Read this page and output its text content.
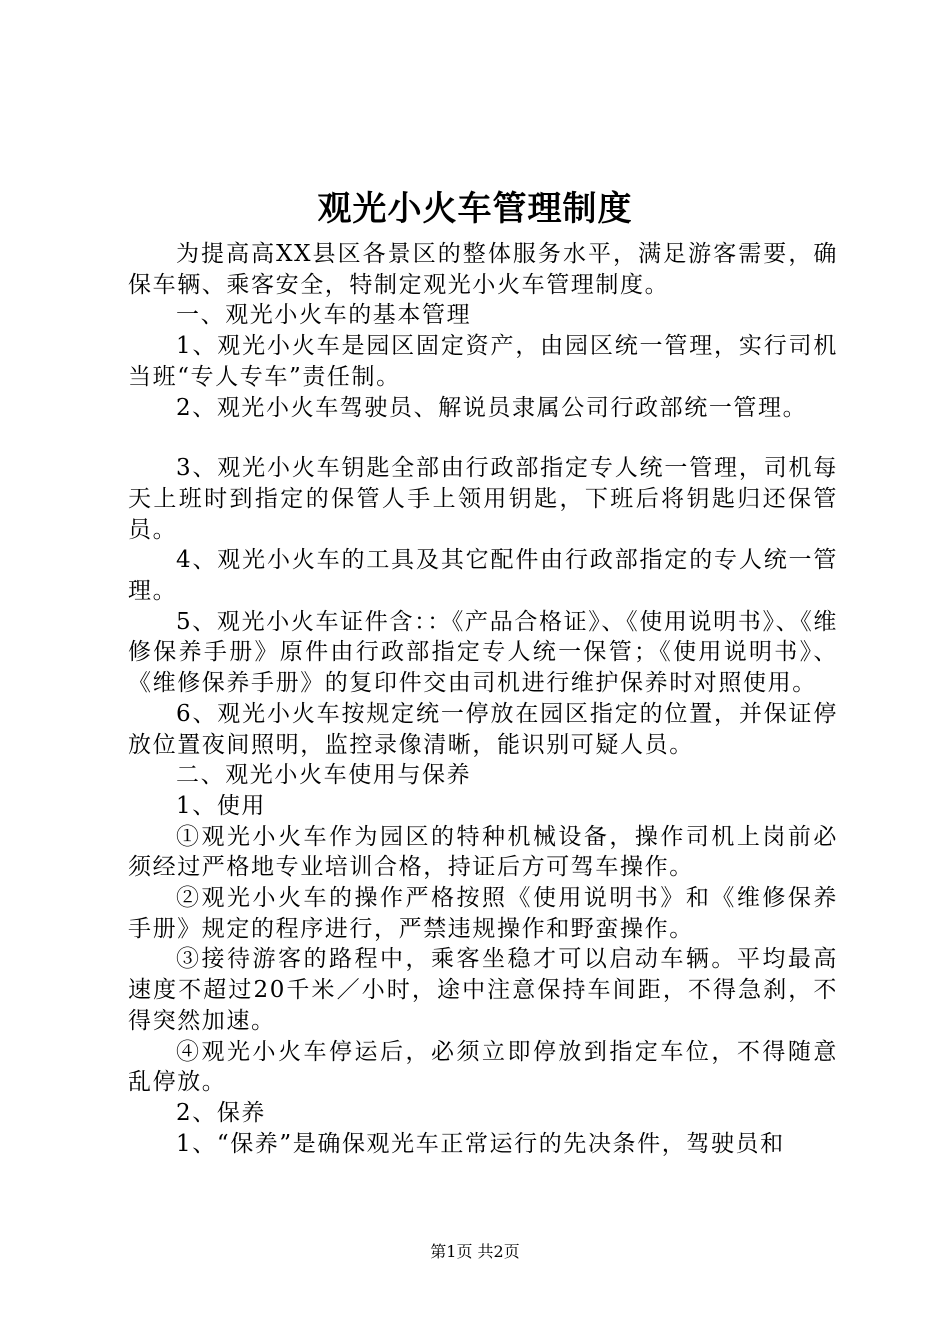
观光小火车管理制度

为提高高XX县区各景区的整体服务水平，满足游客需要，确保车辆、乘客安全，特制定观光小火车管理制度。

一、观光小火车的基本管理

1、观光小火车是园区固定资产，由园区统一管理，实行司机当班“专人专车”责任制。

2、观光小火车驾驶员、解说员隶属公司行政部统一管理。

3、观光小火车钥匙全部由行政部指定专人统一管理，司机每天上班时到指定的保管人手上领用钥匙，下班后将钥匙归还保管员。

4、观光小火车的工具及其它配件由行政部指定的专人统一管理。

5、观光小火车证件含：：《产品合格证》、《使用说明书》、《维修保养手册》原件由行政部指定专人统一保管；《使用说明书》、《维修保养手册》的复印件交由司机进行维护保养时对照使用。

6、观光小火车按规定统一停放在园区指定的位置，并保证停放位置夜间照明，监控录像清晰，能识别可疑人员。

二、观光小火车使用与保养

1、使用

①观光小火车作为园区的特种机械设备，操作司机上岗前必须经过严格地专业培训合格，持证后方可驾车操作。

②观光小火车的操作严格按照《使用说明书》和《维修保养手册》规定的程序进行，严禁违规操作和野蛮操作。

③接待游客的路程中，乘客坐稳才可以启动车辆。平均最高速度不超过20千米／小时，途中注意保持车间距，不得急刹，不得突然加速。

④观光小火车停运后，必须立即停放到指定车位，不得随意乱停放。

2、保养

1、“保养”是确保观光车正常运行的先决条件，驾驶员和

第1页 共2页
